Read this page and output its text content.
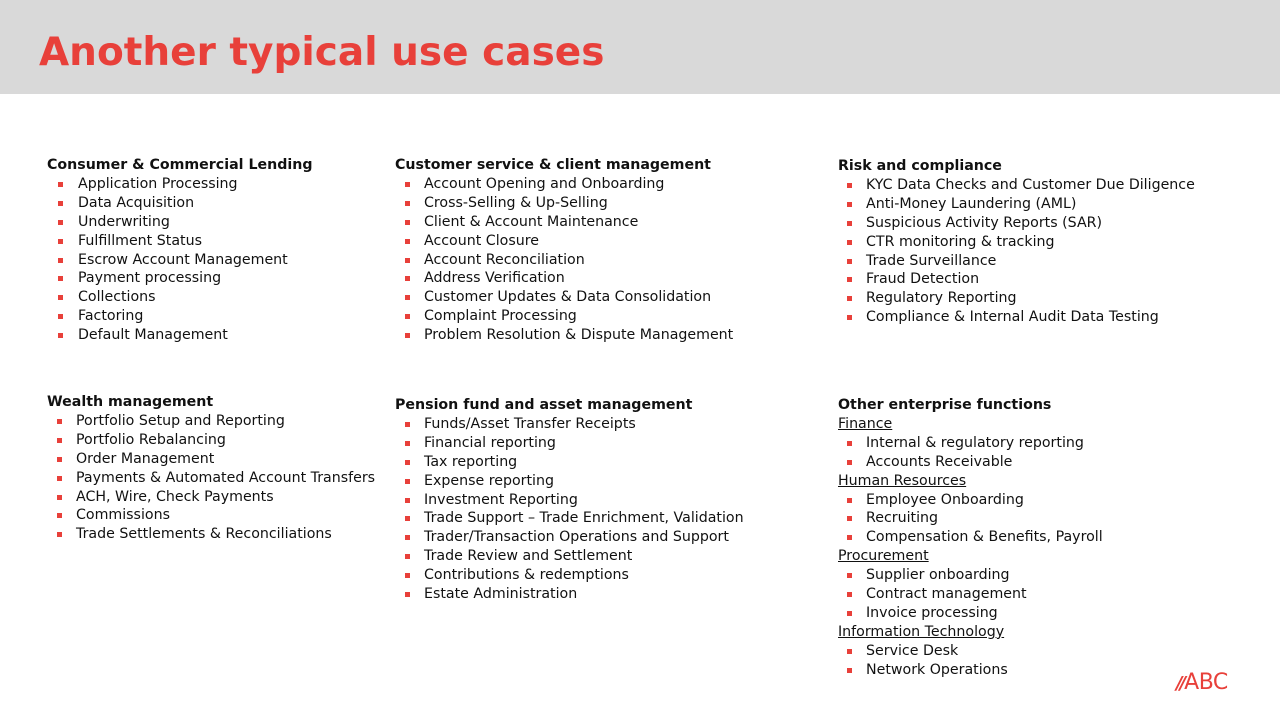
Another typical use cases
Consumer & Commercial Lending
Application Processing
Data Acquisition
Underwriting
Fulfillment Status
Escrow Account Management
Payment processing
Collections
Factoring
Default Management
Customer service & client management
Account Opening and Onboarding
Cross-Selling & Up-Selling
Client & Account Maintenance
Account Closure
Account Reconciliation
Address Verification
Customer Updates & Data Consolidation
Complaint Processing
Problem Resolution & Dispute Management
Risk and compliance
KYC Data Checks and Customer Due Diligence
Anti-Money Laundering (AML)
Suspicious Activity Reports (SAR)
CTR monitoring & tracking
Trade Surveillance
Fraud Detection
Regulatory Reporting
Compliance & Internal Audit Data Testing
Wealth management
Portfolio Setup and Reporting
Portfolio Rebalancing
Order Management
Payments & Automated Account Transfers
ACH, Wire, Check Payments
Commissions
Trade Settlements & Reconciliations
Pension fund and asset management
Funds/Asset Transfer Receipts
Financial reporting
Tax reporting
Expense reporting
Investment Reporting
Trade Support – Trade Enrichment, Validation
Trader/Transaction Operations and Support
Trade Review and Settlement
Contributions & redemptions
Estate Administration
Other enterprise functions
Finance
Internal & regulatory reporting
Accounts Receivable
Human Resources
Employee Onboarding
Recruiting
Compensation & Benefits, Payroll
Procurement
Supplier onboarding
Contract management
Invoice processing
Information Technology
Service Desk
Network Operations
//ABC
